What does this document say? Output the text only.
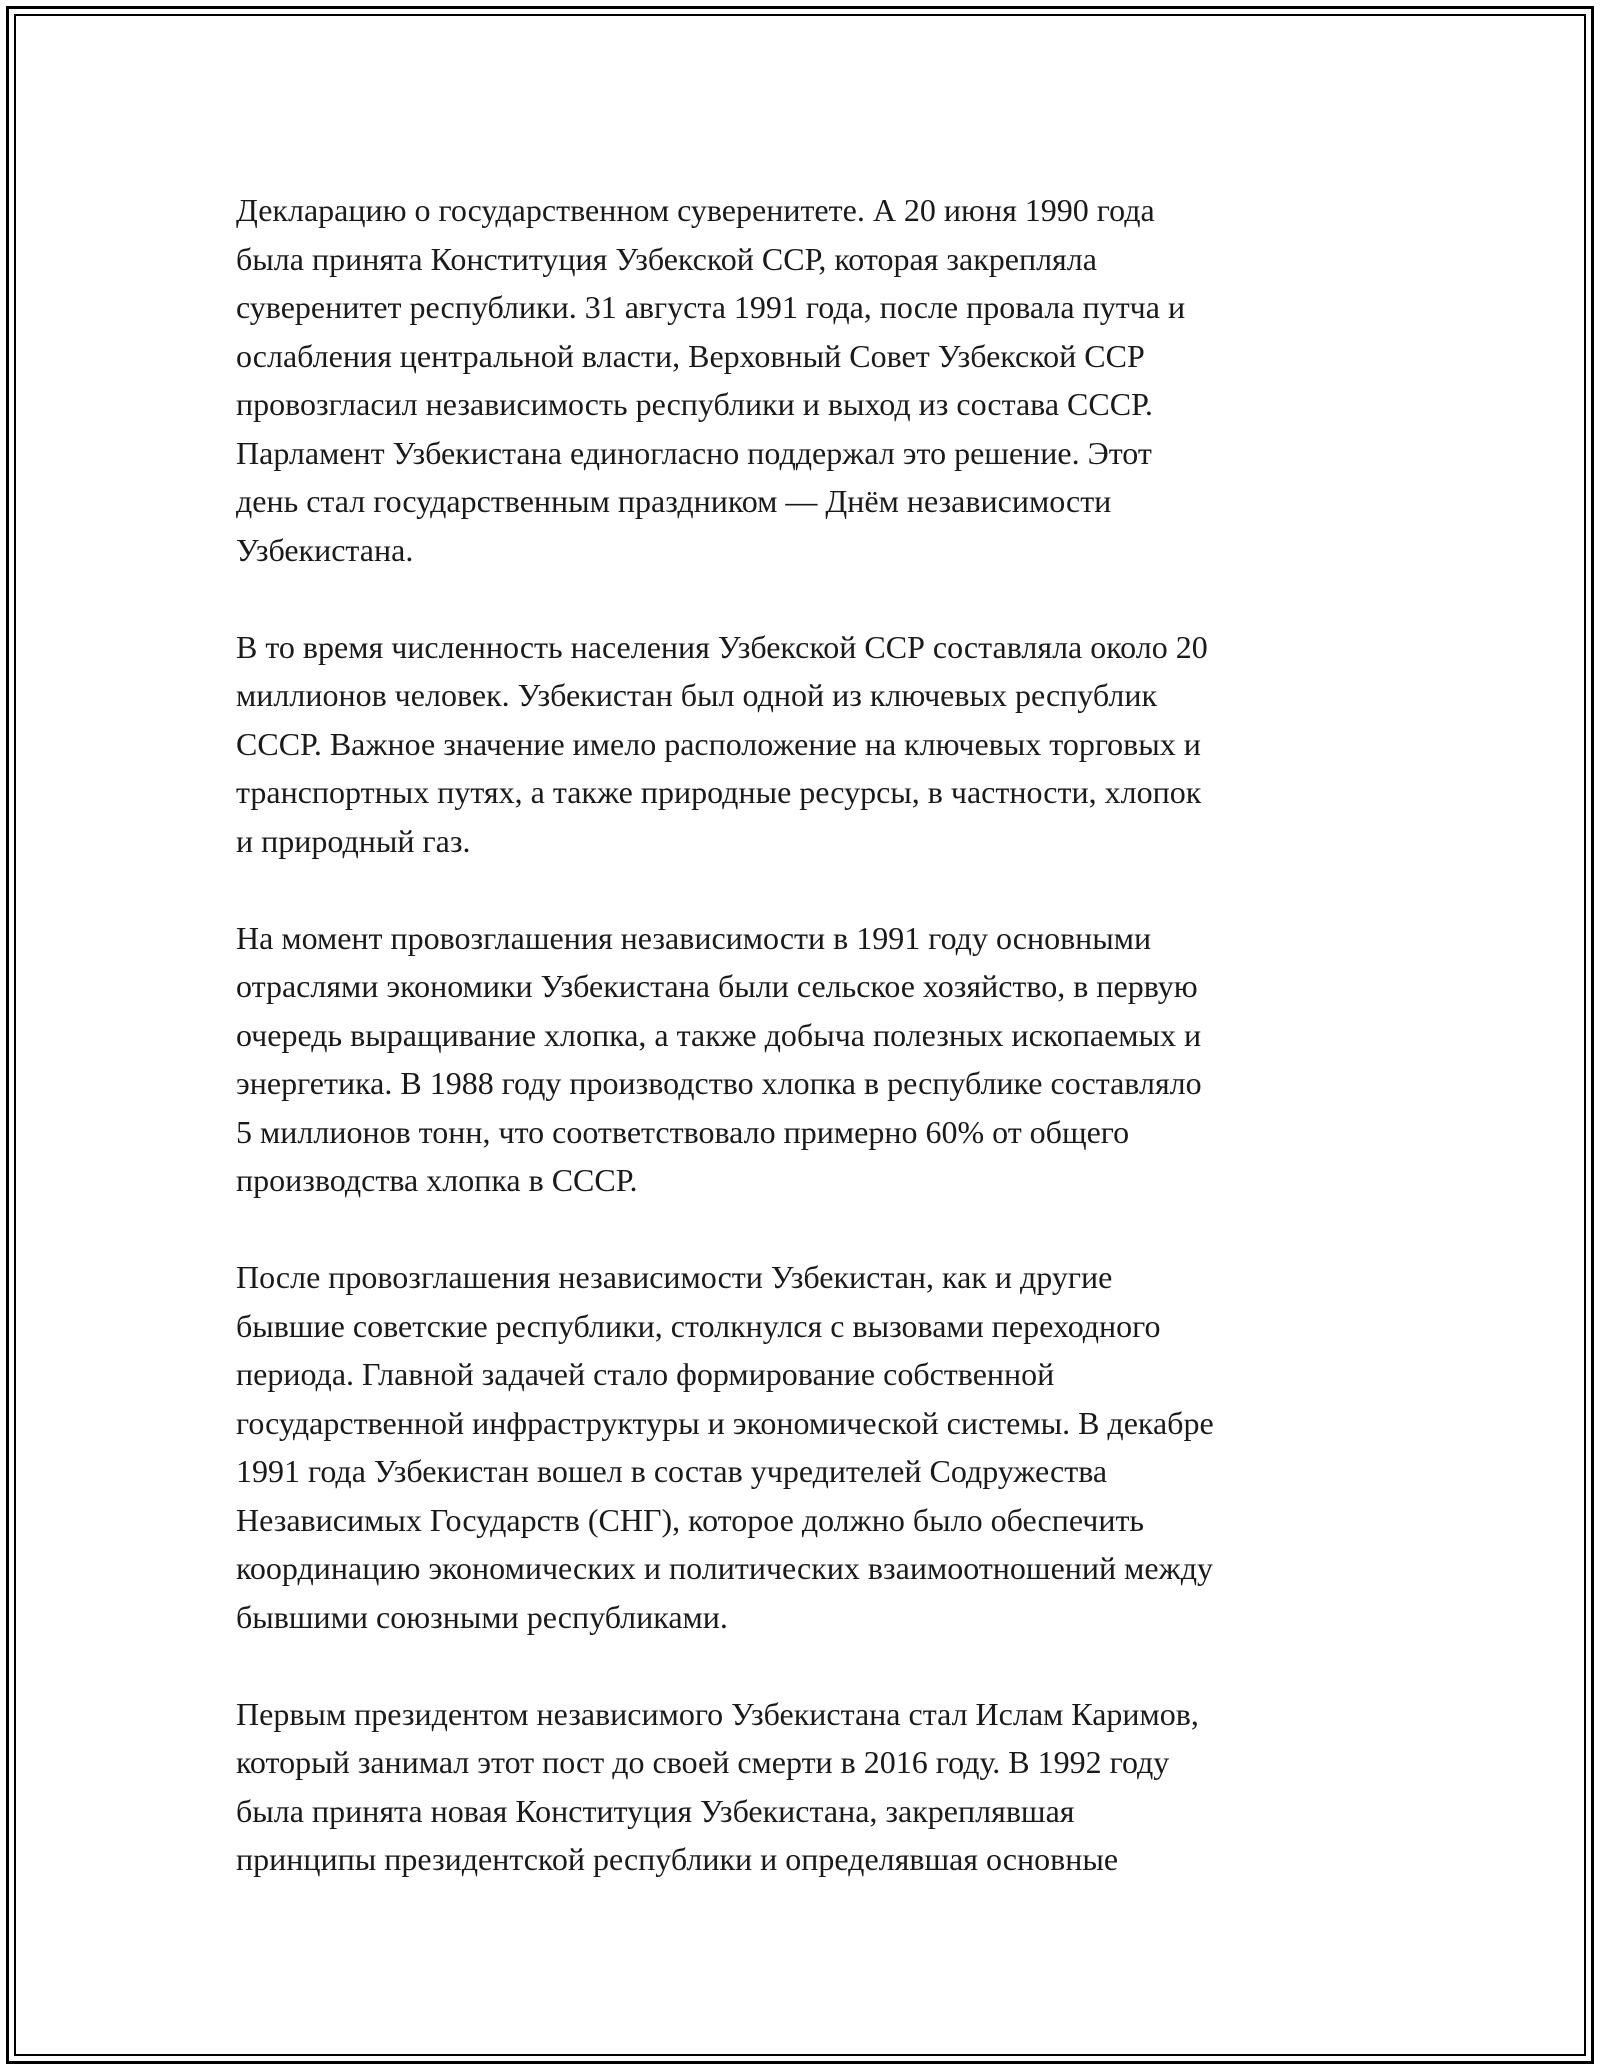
Декларацию о государственном суверенитете. А 20 июня 1990 года
была принята Конституция Узбекской ССР, которая закрепляла
суверенитет республики. 31 августа 1991 года, после провала путча и
ослабления центральной власти, Верховный Совет Узбекской ССР
провозгласил независимость республики и выход из состава СССР.
Парламент Узбекистана единогласно поддержал это решение. Этот
день стал государственным праздником — Днём независимости
Узбекистана.

В то время численность населения Узбекской ССР составляла около 20
миллионов человек. Узбекистан был одной из ключевых республик
СССР. Важное значение имело расположение на ключевых торговых и
транспортных путях, а также природные ресурсы, в частности, хлопок
и природный газ.

На момент провозглашения независимости в 1991 году основными
отраслями экономики Узбекистана были сельское хозяйство, в первую
очередь выращивание хлопка, а также добыча полезных ископаемых и
энергетика. В 1988 году производство хлопка в республике составляло
5 миллионов тонн, что соответствовало примерно 60% от общего
производства хлопка в СССР.

После провозглашения независимости Узбекистан, как и другие
бывшие советские республики, столкнулся с вызовами переходного
периода. Главной задачей стало формирование собственной
государственной инфраструктуры и экономической системы. В декабре
1991 года Узбекистан вошел в состав учредителей Содружества
Независимых Государств (СНГ), которое должно было обеспечить
координацию экономических и политических взаимоотношений между
бывшими союзными республиками.

Первым президентом независимого Узбекистана стал Ислам Каримов,
который занимал этот пост до своей смерти в 2016 году. В 1992 году
была принята новая Конституция Узбекистана, закреплявшая
принципы президентской республики и определявшая основные
